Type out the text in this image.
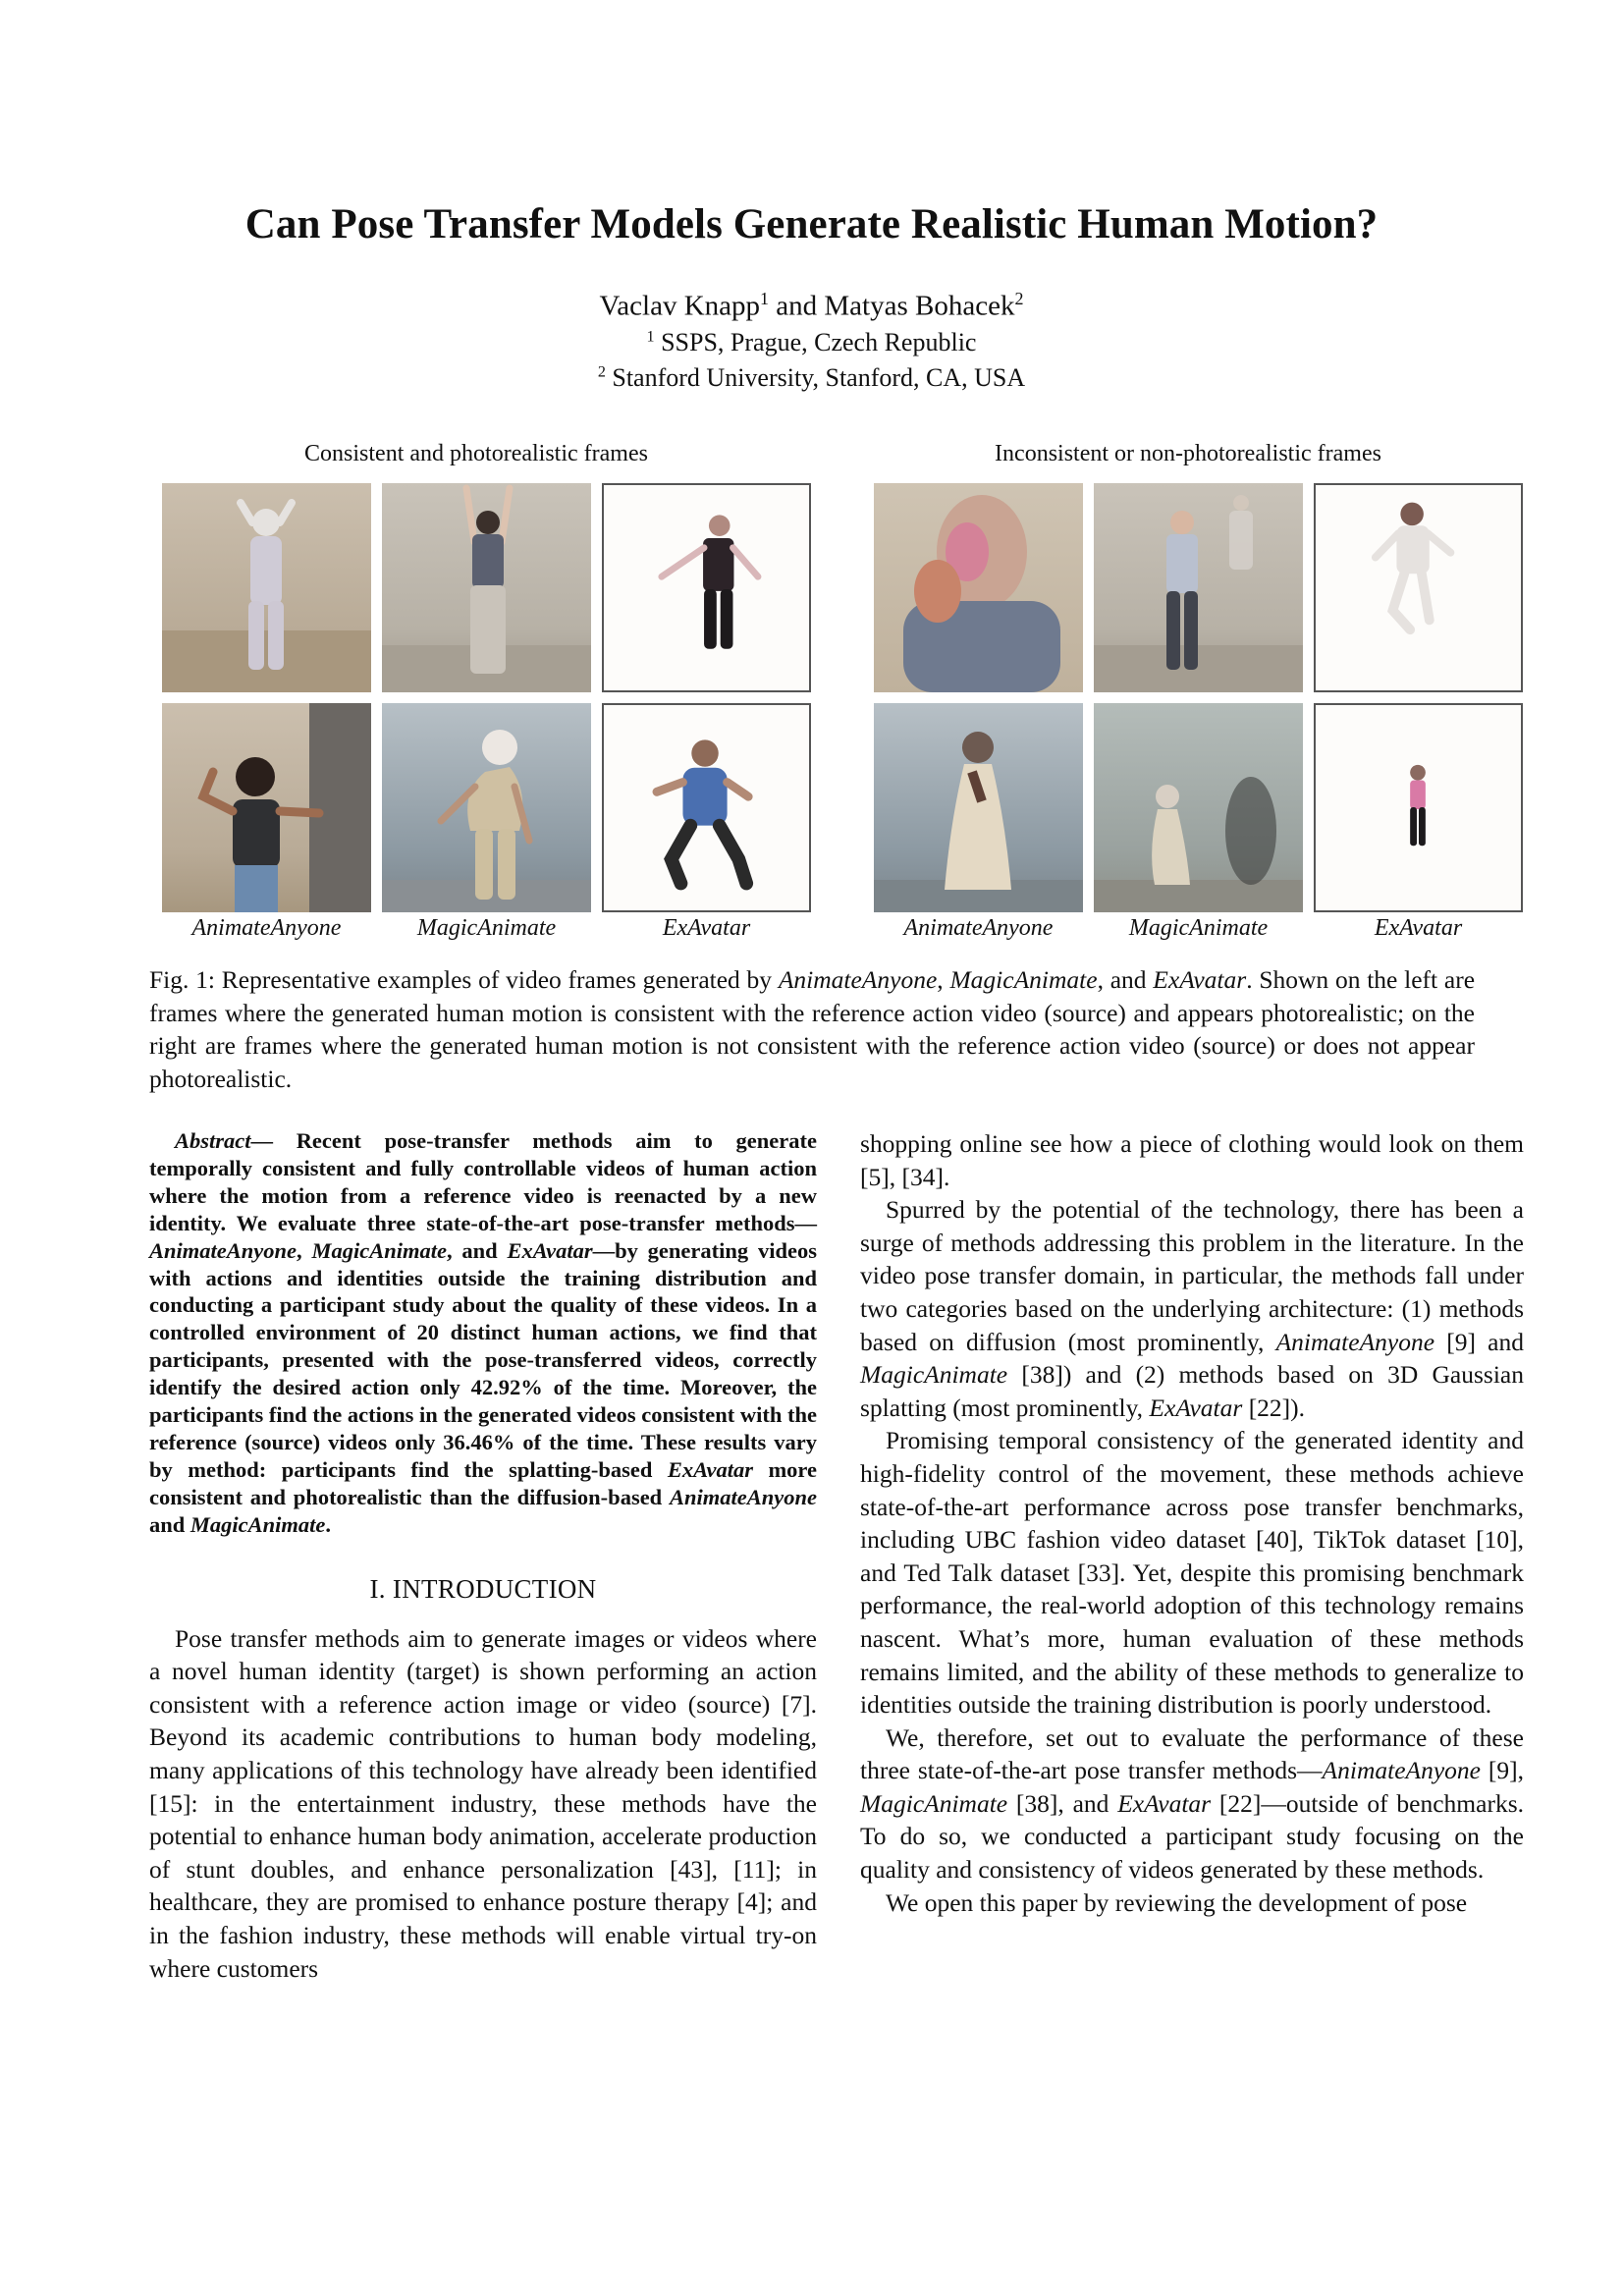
Can Pose Transfer Models Generate Realistic Human Motion?
Vaclav Knapp$^1$ and Matyas Bohacek$^2$
$^1$ SSPS, Prague, Czech Republic
$^2$ Stanford University, Stanford, CA, USA
Consistent and photorealistic frames	Inconsistent or non-photorealistic frames
AnimateAnyone	MagicAnimate	ExAvatar	AnimateAnyone	MagicAnimate	ExAvatar
Fig. 1: Representative examples of video frames generated by AnimateAnyone, MagicAnimate, and ExAvatar. Shown on the left are frames where the generated human motion is consistent with the reference action video (source) and appears photorealistic; on the right are frames where the generated human motion is not consistent with the reference action video (source) or does not appear photorealistic.
Abstract— Recent pose-transfer methods aim to generate temporally consistent and fully controllable videos of human action where the motion from a reference video is reenacted by a new identity. We evaluate three state-of-the-art pose-transfer methods—AnimateAnyone, MagicAnimate, and ExAvatar—by generating videos with actions and identities outside the training distribution and conducting a participant study about the quality of these videos. In a controlled environment of 20 distinct human actions, we find that participants, presented with the pose-transferred videos, correctly identify the desired action only 42.92% of the time. Moreover, the participants find the actions in the generated videos consistent with the reference (source) videos only 36.46% of the time. These results vary by method: participants find the splatting-based ExAvatar more consistent and photorealistic than the diffusion-based AnimateAnyone and MagicAnimate.
I. INTRODUCTION

Pose transfer methods aim to generate images or videos where a novel human identity (target) is shown performing an action consistent with a reference action image or video (source) [7]. Beyond its academic contributions to human body modeling, many applications of this technology have already been identified [15]: in the entertainment industry, these methods have the potential to enhance human body animation, accelerate production of stunt doubles, and enhance personalization [43], [11]; in healthcare, they are promised to enhance posture therapy [4]; and in the fashion industry, these methods will enable virtual try-on where customers

shopping online see how a piece of clothing would look on them [5], [34].

Spurred by the potential of the technology, there has been a surge of methods addressing this problem in the literature. In the video pose transfer domain, in particular, the methods fall under two categories based on the underlying architecture: (1) methods based on diffusion (most prominently, AnimateAnyone [9] and MagicAnimate [38]) and (2) methods based on 3D Gaussian splatting (most prominently, ExAvatar [22]).

Promising temporal consistency of the generated identity and high-fidelity control of the movement, these methods achieve state-of-the-art performance across pose transfer benchmarks, including UBC fashion video dataset [40], TikTok dataset [10], and Ted Talk dataset [33]. Yet, despite this promising benchmark performance, the real-world adoption of this technology remains nascent. What’s more, human evaluation of these methods remains limited, and the ability of these methods to generalize to identities outside the training distribution is poorly understood.

We, therefore, set out to evaluate the performance of these three state-of-the-art pose transfer methods—AnimateAnyone [9], MagicAnimate [38], and ExAvatar [22]—outside of benchmarks. To do so, we conducted a participant study focusing on the quality and consistency of videos generated by these methods.

We open this paper by reviewing the development of pose
